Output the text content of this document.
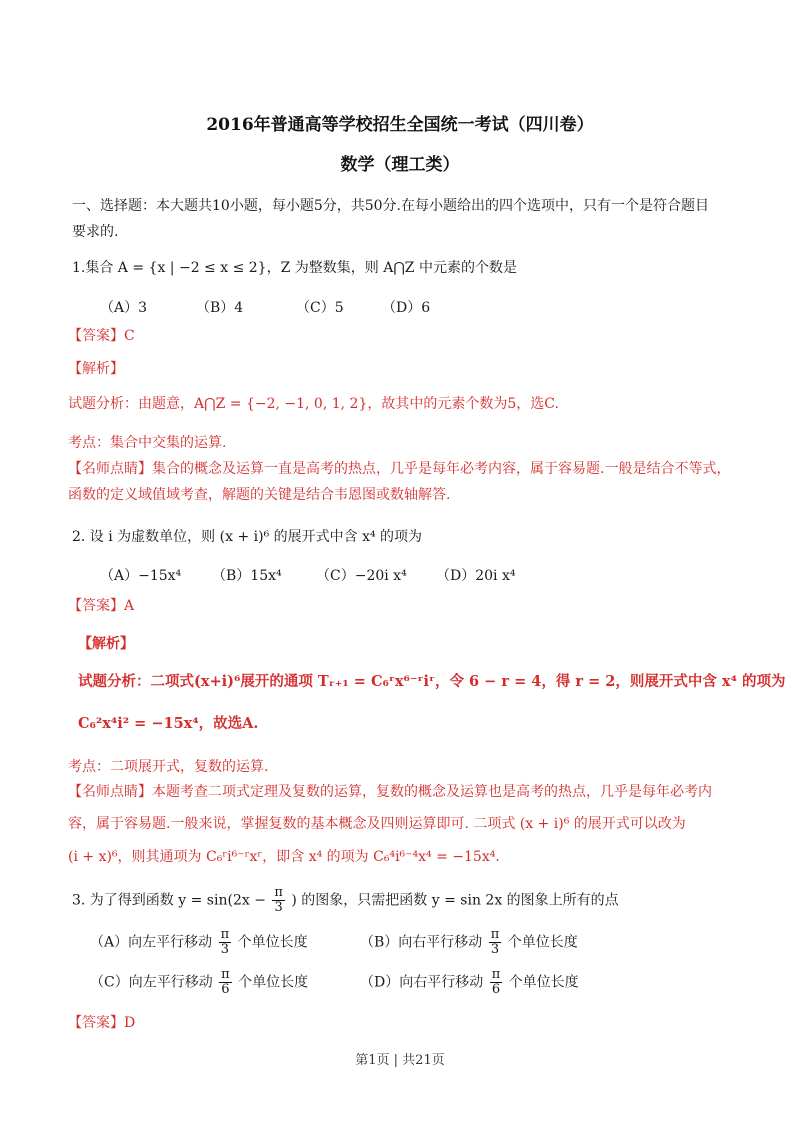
2016年普通高等学校招生全国统一考试（四川卷）
数学（理工类）
一、选择题：本大题共10小题，每小题5分，共50分.在每小题给出的四个选项中，只有一个是符合题目
要求的.
1.集合 A = {x | −2 ≤ x ≤ 2}，Z 为整数集，则 A⋂Z 中元素的个数是
（A）3	（B）4	（C）5	（D）6
【答案】C
【解析】
试题分析：由题意，A⋂Z = {−2, −1, 0, 1, 2}，故其中的元素个数为5，选C.
考点：集合中交集的运算.
【名师点睛】集合的概念及运算一直是高考的热点，几乎是每年必考内容，属于容易题.一般是结合不等式，
函数的定义域值域考查，解题的关键是结合韦恩图或数轴解答.
2. 设 i 为虚数单位，则 (x + i)⁶ 的展开式中含 x⁴ 的项为
（A）−15x⁴ （B）15x⁴ （C）−20i x⁴ （D）20i x⁴
【答案】A
【解析】
试题分析：二项式(x+i)⁶展开的通项 Tᵣ₊₁ = C₆ʳx⁶⁻ʳiʳ，令 6 − r = 4，得 r = 2，则展开式中含 x⁴ 的项为
C₆²x⁴i² = −15x⁴，故选A.
考点：二项展开式，复数的运算.
【名师点睛】本题考查二项式定理及复数的运算，复数的概念及运算也是高考的热点，几乎是每年必考内
容，属于容易题.一般来说，掌握复数的基本概念及四则运算即可. 二项式 (x + i)⁶ 的展开式可以改为
(i + x)⁶，则其通项为 C₆ʳi⁶⁻ʳxʳ，即含 x⁴ 的项为 C₆⁴i⁶⁻⁴x⁴ = −15x⁴.
3. 为了得到函数 $y = \sin(2x - \frac{\pi}{3}$ ) 的图象，只需把函数 y = sin 2x 的图象上所有的点
（A）向左平行移动 $\frac{\pi}{3}$ 个单位长度	（B）向右平行移动 $\frac{\pi}{3}$ 个单位长度
（C）向左平行移动 $\frac{\pi}{6}$ 个单位长度	（D）向右平行移动 $\frac{\pi}{6}$ 个单位长度
【答案】D
第1页 | 共21页
